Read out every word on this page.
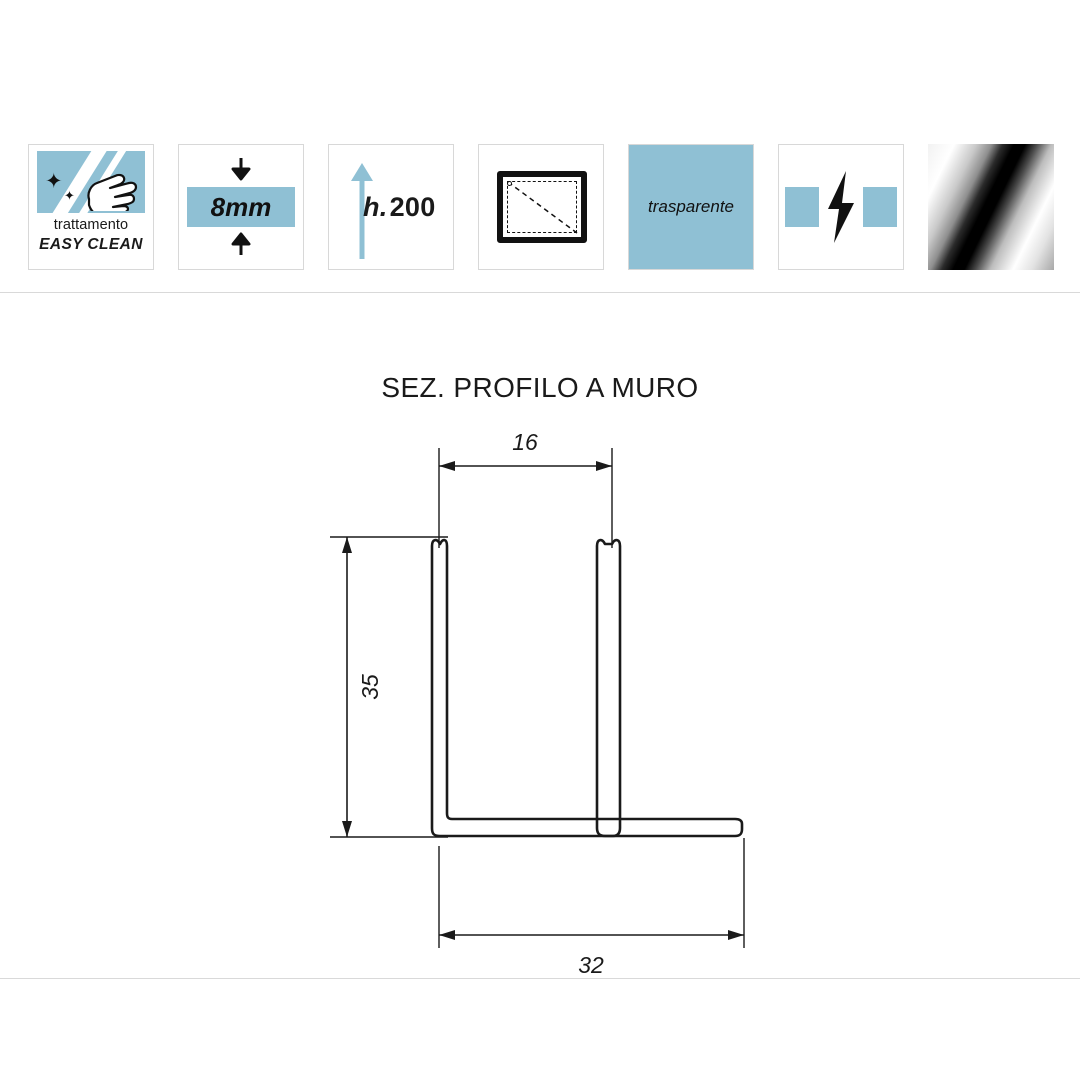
✦
✦
trattamento
EASY CLEAN
8mm	h. 200	trasparente
SEZ. PROFILO A MURO
16
35
32
